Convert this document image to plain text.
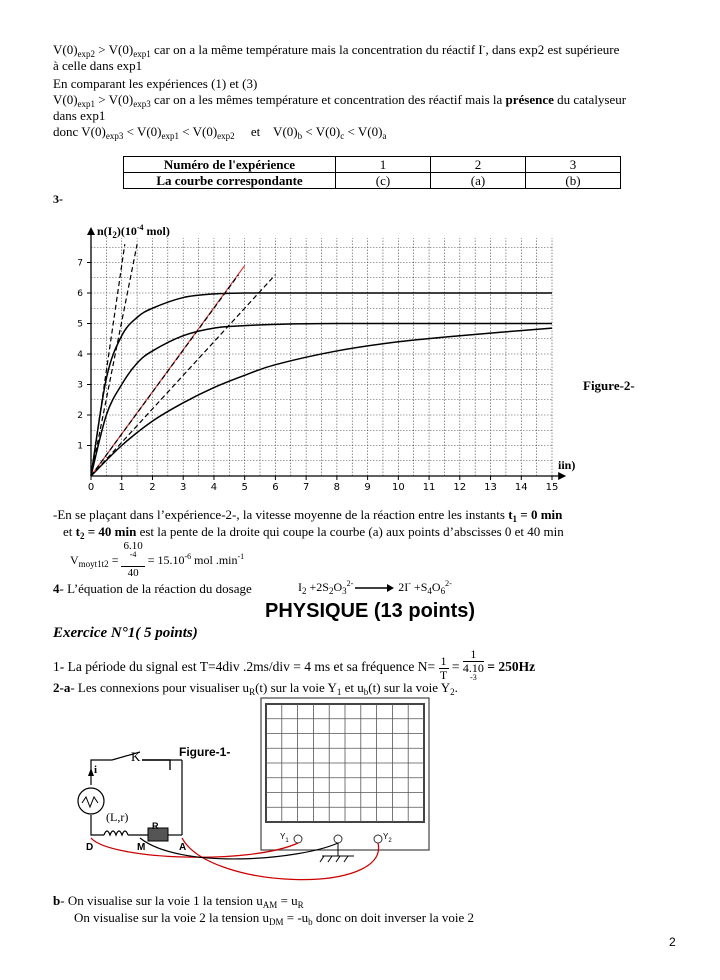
$V(0)_{exp2} > V(0)_{exp1}$ car on a la même température mais la concentration du réactif I-, dans exp2 est supérieure
à celle dans exp1
En comparant les expériences (1) et (3)
$V(0)_{exp1} > V(0)_{exp3}$ car on a les mêmes température et concentration des réactif mais la présence du catalyseur
dans exp1
donc $V(0)_{exp3} < V(0)_{exp1} < V(0)_{exp2}$     et    $V(0)_b < V(0)_c < V(0)_a$
Numéro de l'expérience	1	2	3
La courbe correspondante	(c)	(a)	(b)
3-
$n(I_2)(10^{-4}$ mol)
0 1 2 3 4 5 6 7 8 9 10 11 12 13 14 15
1
2
3
4
5
6
7
iin)
Figure-2-
-En se plaçant dans l’expérience-2-, la vitesse moyenne de la réaction entre les instants $t_1 = 0$ min
et $t_2 = 40$ min est la pente de la droite qui coupe la courbe (a) aux points d’abscisses 0 et 40 min
$V_{moyt1t2} = 6.10$
$^{-4}$
$40 = 15.10^{-6}$ mol $.\min^{-1}$
4- L’équation de la réaction du dosage	$I_2 +2S_2O_3^{2-}\to 2I^- +S_4O_6^{2-}$
PHYSIQUE (13 points)
Exercice N°1( 5 points)
1- La période du signal est T=4div .2ms/div = 4 ms et sa fréquence $N= \frac{1}{T} = 1$
4.10
$^{-3}$ = 250Hz
2-a- Les connexions pour visualiser $u_R(t)$ sur la voie $Y_1$ et $u_b(t)$ sur la voie $Y_2$.
Figure-1-
K
i
(L,r)
R
D	M	A
$Y_1$	$Y_2$
b- On visualise sur la voie 1 la tension $u_{AM} = u_R$
On visualise sur la voie 2 la tension $u_{DM} = -u_b$ donc on doit inverser la voie 2
2
